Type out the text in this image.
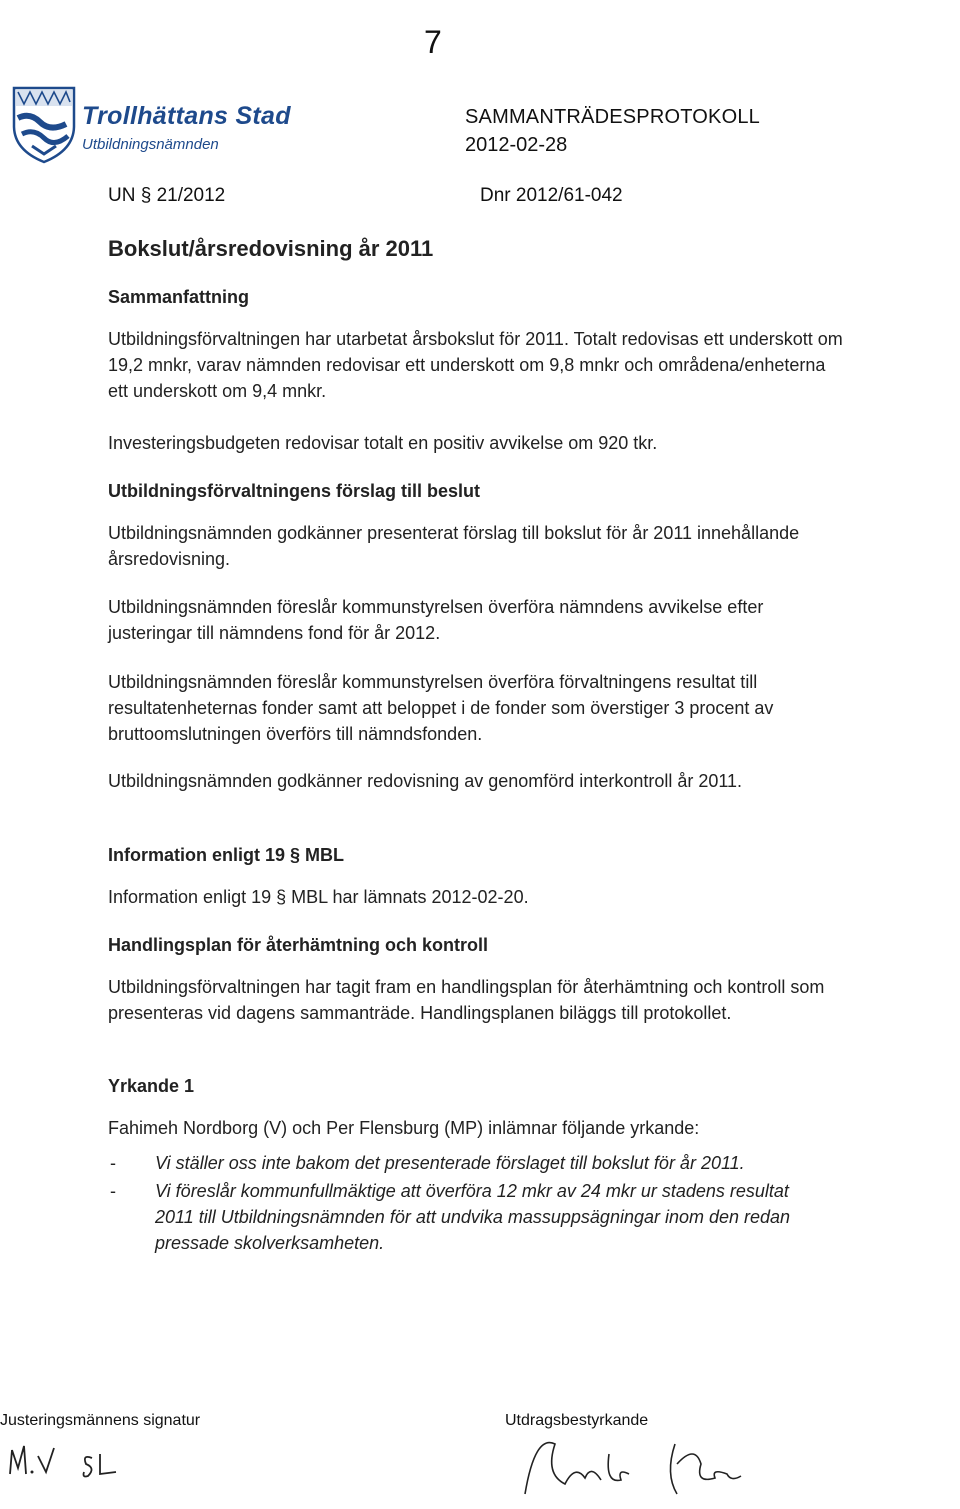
7
Trollhättans Stad
Utbildningsnämnden
SAMMANTRÄDESPROTOKOLL
2012-02-28
UN § 21/2012	Dnr 2012/61-042
Bokslut/årsredovisning år 2011
Sammanfattning

Utbildningsförvaltningen har utarbetat årsbokslut för 2011. Totalt redovisas ett underskott om 19,2 mnkr, varav nämnden redovisar ett underskott om 9,8 mnkr och områdena/enheterna ett underskott om 9,4 mnkr.

Investeringsbudgeten redovisar totalt en positiv avvikelse om 920 tkr.

Utbildningsförvaltningens förslag till beslut

Utbildningsnämnden godkänner presenterat förslag till bokslut för år 2011 innehållande årsredovisning.

Utbildningsnämnden föreslår kommunstyrelsen överföra nämndens avvikelse efter justeringar till nämndens fond för år 2012.

Utbildningsnämnden föreslår kommunstyrelsen överföra förvaltningens resultat till resultatenheternas fonder samt att beloppet i de fonder som överstiger 3 procent av bruttoomslutningen överförs till nämndsfonden.

Utbildningsnämnden godkänner redovisning av genomförd interkontroll år 2011.

Information enligt 19 § MBL

Information enligt 19 § MBL har lämnats 2012-02-20.

Handlingsplan för återhämtning och kontroll

Utbildningsförvaltningen har tagit fram en handlingsplan för återhämtning och kontroll som presenteras vid dagens sammanträde. Handlingsplanen biläggs till protokollet.

Yrkande 1

Fahimeh Nordborg (V) och Per Flensburg (MP) inlämnar följande yrkande:

- Vi ställer oss inte bakom det presenterade förslaget till bokslut för år 2011.
- Vi föreslår kommunfullmäktige att överföra 12 mkr av 24 mkr ur stadens resultat 2011 till Utbildningsnämnden för att undvika massuppsägningar inom den redan pressade skolverksamheten.
Justeringsmännens signatur	Utdragsbestyrkande
